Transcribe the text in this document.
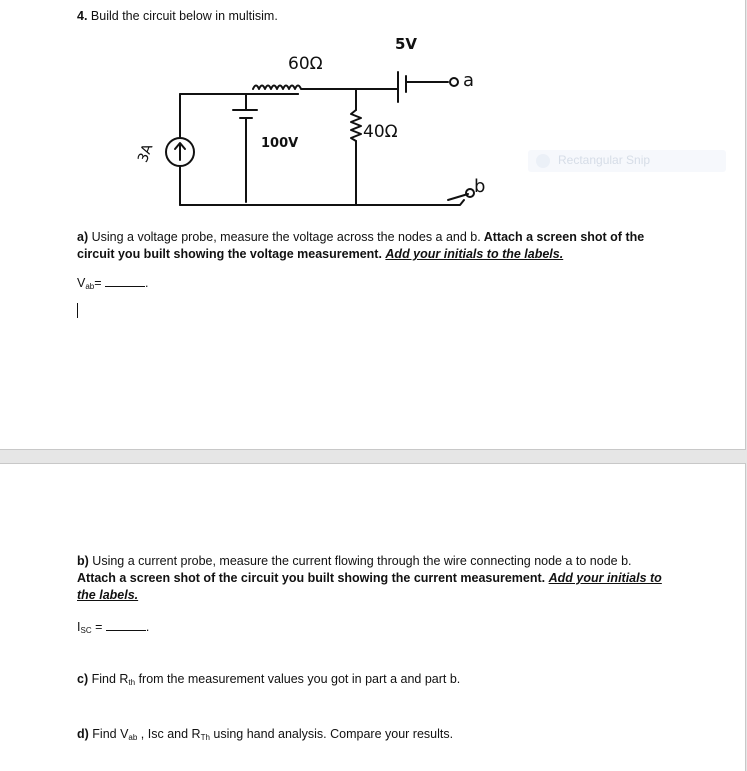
4. Build the circuit below in multisim.
60Ω
5V
a
40Ω
100V
3A
b
Rectangular Snip
a) Using a voltage probe, measure the voltage across the nodes a and b. Attach a screen shot of the circuit you built showing the voltage measurement. Add your initials to the labels.
$V_{ab}=$	.
b) Using a current probe, measure the current flowing through the wire connecting node a to node b.
Attach a screen shot of the circuit you built showing the current measurement. Add your initials to the labels.
$I_{SC}$ =	.
c) Find $R_{th}$ from the measurement values you got in part a and part b.
d) Find $V_{ab}$ , Isc and $R_{Th}$ using hand analysis. Compare your results.
